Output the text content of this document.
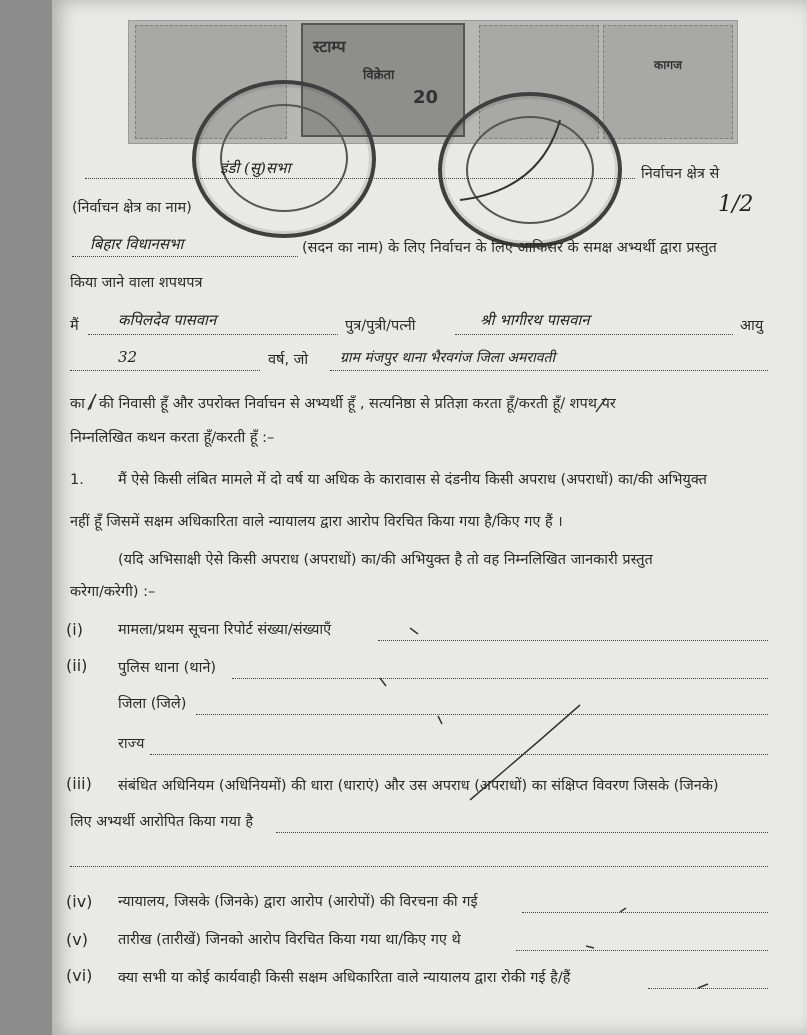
कागज
स्टाम्प
विक्रेता
20
इंडी (सु)सभा	निर्वाचन क्षेत्र से
1/2
(निर्वाचन क्षेत्र का नाम)
बिहार विधानसभा	(सदन का नाम) के लिए निर्वाचन के लिए आफिसर के समक्ष अभ्यर्थी द्वारा प्रस्तुत
किया जाने वाला शपथपत्र
मैं	कपिलदेव पासवान	पुत्र/पुत्री/पत्नी	श्री भागीरथ पासवान	आयु
32	वर्ष, जो ग्राम मंजपुर थाना भैरवगंज जिला अमरावती
का / की निवासी हूँ और उपरोक्त निर्वाचन से अभ्यर्थी हूँ , सत्यनिष्ठा से प्रतिज्ञा करता हूँ/करती हूँ/ शपथ पर
निम्नलिखित कथन करता हूँ/करती हूँ :–
1. मैं ऐसे किसी लंबित मामले में दो वर्ष या अधिक के कारावास से दंडनीय किसी अपराध (अपराधों) का/की अभियुक्त
नहीं हूँ जिसमें सक्षम अधिकारिता वाले न्यायालय द्वारा आरोप विरचित किया गया है/किए गए हैं ।
(यदि अभिसाक्षी ऐसे किसी अपराध (अपराधों) का/की अभियुक्त है तो वह निम्नलिखित जानकारी प्रस्तुत
करेगा/करेगी) :–
(i) मामला/प्रथम सूचना रिपोर्ट संख्या/संख्याएँ
(ii) पुलिस थाना (थाने)
जिला (जिले)
राज्य
(iii) संबंधित अधिनियम (अधिनियमों) की धारा (धाराएं) और उस अपराध (अपराधों) का संक्षिप्त विवरण जिसके (जिनके)
लिए अभ्यर्थी आरोपित किया गया है
(iv) न्यायालय, जिसके (जिनके) द्वारा आरोप (आरोपों) की विरचना की गई
(v) तारीख (तारीखें) जिनको आरोप विरचित किया गया था/किए गए थे
(vi) क्या सभी या कोई कार्यवाही किसी सक्षम अधिकारिता वाले न्यायालय द्वारा रोकी गई है/हैं
